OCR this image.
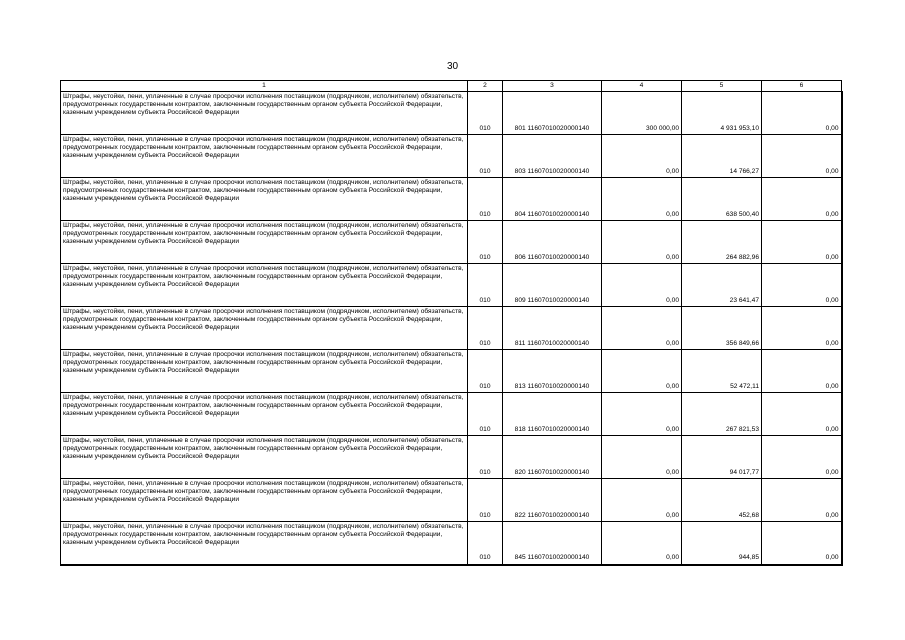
30
1	2	3	4	5	6
Штрафы, неустойки, пени, уплаченные в случае просрочки исполнения поставщиком (подрядчиком, исполнителем) обязательств, предусмотренных государственным контрактом, заключенным государственным органом субъекта Российской Федерации, казенным учреждением субъекта Российской Федерации	010	801 11607010020000140	300 000,00	4 931 953,10	0,00
Штрафы, неустойки, пени, уплаченные в случае просрочки исполнения поставщиком (подрядчиком, исполнителем) обязательств, предусмотренных государственным контрактом, заключенным государственным органом субъекта Российской Федерации, казенным учреждением субъекта Российской Федерации	010	803 11607010020000140	0,00	14 766,27	0,00
Штрафы, неустойки, пени, уплаченные в случае просрочки исполнения поставщиком (подрядчиком, исполнителем) обязательств, предусмотренных государственным контрактом, заключенным государственным органом субъекта Российской Федерации, казенным учреждением субъекта Российской Федерации	010	804 11607010020000140	0,00	638 500,40	0,00
Штрафы, неустойки, пени, уплаченные в случае просрочки исполнения поставщиком (подрядчиком, исполнителем) обязательств, предусмотренных государственным контрактом, заключенным государственным органом субъекта Российской Федерации, казенным учреждением субъекта Российской Федерации	010	806 11607010020000140	0,00	264 882,96	0,00
Штрафы, неустойки, пени, уплаченные в случае просрочки исполнения поставщиком (подрядчиком, исполнителем) обязательств, предусмотренных государственным контрактом, заключенным государственным органом субъекта Российской Федерации, казенным учреждением субъекта Российской Федерации	010	809 11607010020000140	0,00	23 641,47	0,00
Штрафы, неустойки, пени, уплаченные в случае просрочки исполнения поставщиком (подрядчиком, исполнителем) обязательств, предусмотренных государственным контрактом, заключенным государственным органом субъекта Российской Федерации, казенным учреждением субъекта Российской Федерации	010	811 11607010020000140	0,00	356 849,66	0,00
Штрафы, неустойки, пени, уплаченные в случае просрочки исполнения поставщиком (подрядчиком, исполнителем) обязательств, предусмотренных государственным контрактом, заключенным государственным органом субъекта Российской Федерации, казенным учреждением субъекта Российской Федерации	010	813 11607010020000140	0,00	52 472,11	0,00
Штрафы, неустойки, пени, уплаченные в случае просрочки исполнения поставщиком (подрядчиком, исполнителем) обязательств, предусмотренных государственным контрактом, заключенным государственным органом субъекта Российской Федерации, казенным учреждением субъекта Российской Федерации	010	818 11607010020000140	0,00	267 821,53	0,00
Штрафы, неустойки, пени, уплаченные в случае просрочки исполнения поставщиком (подрядчиком, исполнителем) обязательств, предусмотренных государственным контрактом, заключенным государственным органом субъекта Российской Федерации, казенным учреждением субъекта Российской Федерации	010	820 11607010020000140	0,00	94 017,77	0,00
Штрафы, неустойки, пени, уплаченные в случае просрочки исполнения поставщиком (подрядчиком, исполнителем) обязательств, предусмотренных государственным контрактом, заключенным государственным органом субъекта Российской Федерации, казенным учреждением субъекта Российской Федерации	010	822 11607010020000140	0,00	452,68	0,00
Штрафы, неустойки, пени, уплаченные в случае просрочки исполнения поставщиком (подрядчиком, исполнителем) обязательств, предусмотренных государственным контрактом, заключенным государственным органом субъекта Российской Федерации, казенным учреждением субъекта Российской Федерации	010	845 11607010020000140	0,00	944,85	0,00
